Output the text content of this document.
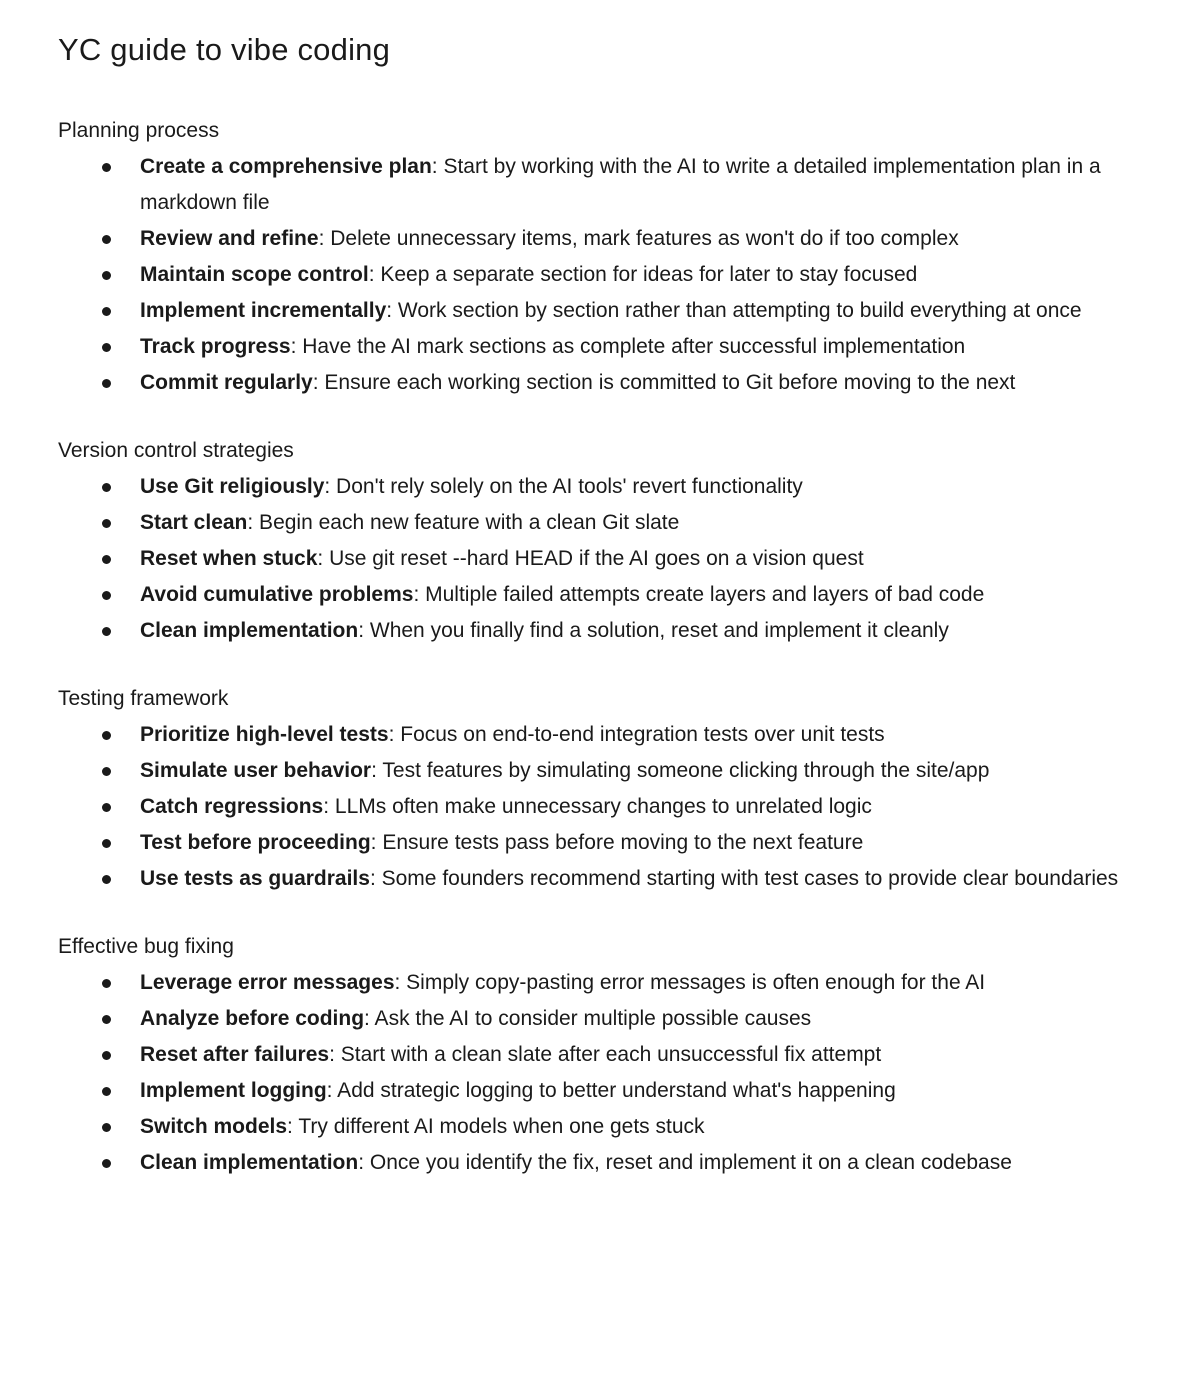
YC guide to vibe coding
Planning process
Create a comprehensive plan: Start by working with the AI to write a detailed implementation plan in a markdown file
Review and refine: Delete unnecessary items, mark features as won't do if too complex
Maintain scope control: Keep a separate section for ideas for later to stay focused
Implement incrementally: Work section by section rather than attempting to build everything at once
Track progress: Have the AI mark sections as complete after successful implementation
Commit regularly: Ensure each working section is committed to Git before moving to the next
Version control strategies
Use Git religiously: Don't rely solely on the AI tools' revert functionality
Start clean: Begin each new feature with a clean Git slate
Reset when stuck: Use git reset --hard HEAD if the AI goes on a vision quest
Avoid cumulative problems: Multiple failed attempts create layers and layers of bad code
Clean implementation: When you finally find a solution, reset and implement it cleanly
Testing framework
Prioritize high-level tests: Focus on end-to-end integration tests over unit tests
Simulate user behavior: Test features by simulating someone clicking through the site/app
Catch regressions: LLMs often make unnecessary changes to unrelated logic
Test before proceeding: Ensure tests pass before moving to the next feature
Use tests as guardrails: Some founders recommend starting with test cases to provide clear boundaries
Effective bug fixing
Leverage error messages: Simply copy-pasting error messages is often enough for the AI
Analyze before coding: Ask the AI to consider multiple possible causes
Reset after failures: Start with a clean slate after each unsuccessful fix attempt
Implement logging: Add strategic logging to better understand what's happening
Switch models: Try different AI models when one gets stuck
Clean implementation: Once you identify the fix, reset and implement it on a clean codebase
